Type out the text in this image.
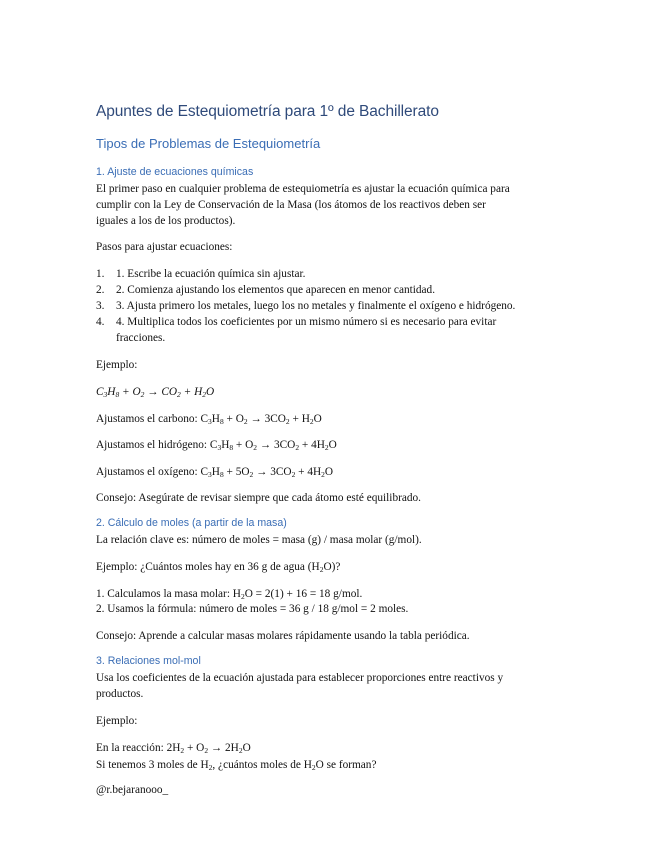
Apuntes de Estequiometría para 1º de Bachillerato
Tipos de Problemas de Estequiometría
1. Ajuste de ecuaciones químicas
El primer paso en cualquier problema de estequiometría es ajustar la ecuación química para
cumplir con la Ley de Conservación de la Masa (los átomos de los reactivos deben ser
iguales a los de los productos).
Pasos para ajustar ecuaciones:
1. 1. Escribe la ecuación química sin ajustar.
2. 2. Comienza ajustando los elementos que aparecen en menor cantidad.
3. 3. Ajusta primero los metales, luego los no metales y finalmente el oxígeno e hidrógeno.
4. 4. Multiplica todos los coeficientes por un mismo número si es necesario para evitar
fracciones.
Ejemplo:
$C_3H_8 + O_2 \to CO_2 + H_2O$
Ajustamos el carbono: $C_3H_8 + O_2 \to 3CO_2 + H_2O$
Ajustamos el hidrógeno: $C_3H_8 + O_2 \to 3CO_2 + 4H_2O$
Ajustamos el oxígeno: $C_3H_8 + 5O_2 \to 3CO_2 + 4H_2O$
Consejo: Asegúrate de revisar siempre que cada átomo esté equilibrado.
2. Cálculo de moles (a partir de la masa)
La relación clave es: número de moles = masa (g) / masa molar (g/mol).
Ejemplo: ¿Cuántos moles hay en 36 g de agua $(H_2O)$?
1. Calculamos la masa molar: $H_2O = 2(1) + 16 = 18$ g/mol.
2. Usamos la fórmula: número de moles = 36 g / 18 g/mol = 2 moles.
Consejo: Aprende a calcular masas molares rápidamente usando la tabla periódica.
3. Relaciones mol-mol
Usa los coeficientes de la ecuación ajustada para establecer proporciones entre reactivos y
productos.
Ejemplo:
En la reacción: $2H_2 + O_2 \to 2H_2O$
Si tenemos 3 moles de $H_2$, ¿cuántos moles de $H_2O$ se forman?
@r.bejaranooo_
